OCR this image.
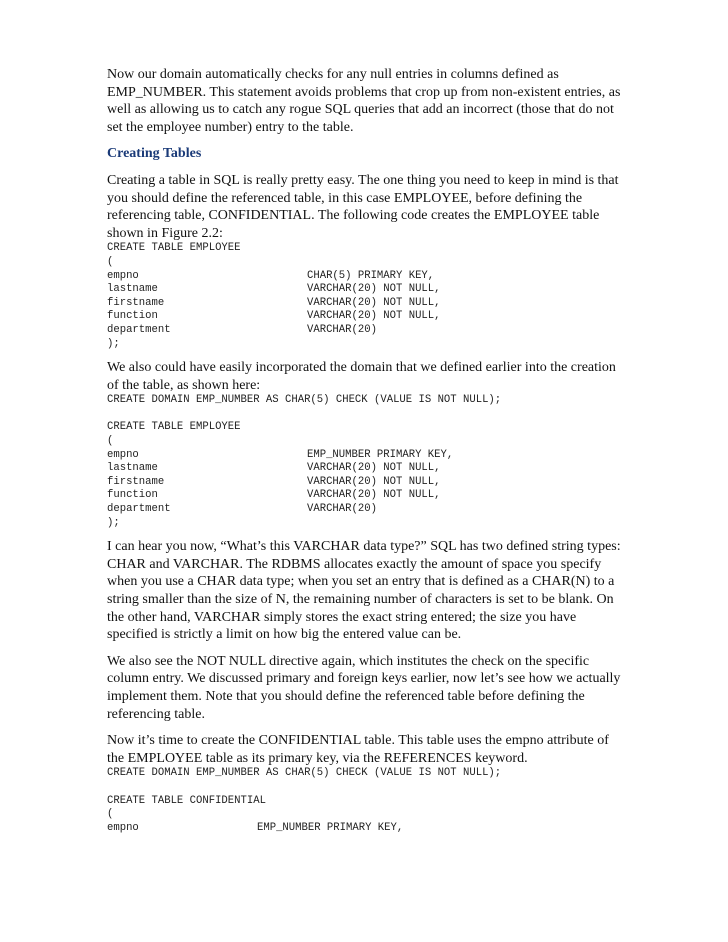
Now our domain automatically checks for any null entries in columns defined as EMP_NUMBER. This statement avoids problems that crop up from non-existent entries, as well as allowing us to catch any rogue SQL queries that add an incorrect (those that do not set the employee number) entry to the table.

Creating Tables

Creating a table in SQL is really pretty easy. The one thing you need to keep in mind is that you should define the referenced table, in this case EMPLOYEE, before defining the referencing table, CONFIDENTIAL. The following code creates the EMPLOYEE table shown in Figure 2.2:

CREATE TABLE EMPLOYEE
(
empno	CHAR(5) PRIMARY KEY,
lastname	VARCHAR(20) NOT NULL,
firstname	VARCHAR(20) NOT NULL,
function	VARCHAR(20) NOT NULL,
department	VARCHAR(20)
);

We also could have easily incorporated the domain that we defined earlier into the creation of the table, as shown here:

CREATE DOMAIN EMP_NUMBER AS CHAR(5) CHECK (VALUE IS NOT NULL);
CREATE TABLE EMPLOYEE
(
empno	EMP_NUMBER PRIMARY KEY,
lastname	VARCHAR(20) NOT NULL,
firstname	VARCHAR(20) NOT NULL,
function	VARCHAR(20) NOT NULL,
department	VARCHAR(20)
);

I can hear you now, “What’s this VARCHAR data type?” SQL has two defined string types: CHAR and VARCHAR. The RDBMS allocates exactly the amount of space you specify when you use a CHAR data type; when you set an entry that is defined as a CHAR(N) to a string smaller than the size of N, the remaining number of characters is set to be blank. On the other hand, VARCHAR simply stores the exact string entered; the size you have specified is strictly a limit on how big the entered value can be.

We also see the NOT NULL directive again, which institutes the check on the specific column entry. We discussed primary and foreign keys earlier, now let’s see how we actually implement them. Note that you should define the referenced table before defining the referencing table.

Now it’s time to create the CONFIDENTIAL table. This table uses the empno attribute of the EMPLOYEE table as its primary key, via the REFERENCES keyword.

CREATE DOMAIN EMP_NUMBER AS CHAR(5) CHECK (VALUE IS NOT NULL);
CREATE TABLE CONFIDENTIAL
(
empno	EMP_NUMBER PRIMARY KEY,
